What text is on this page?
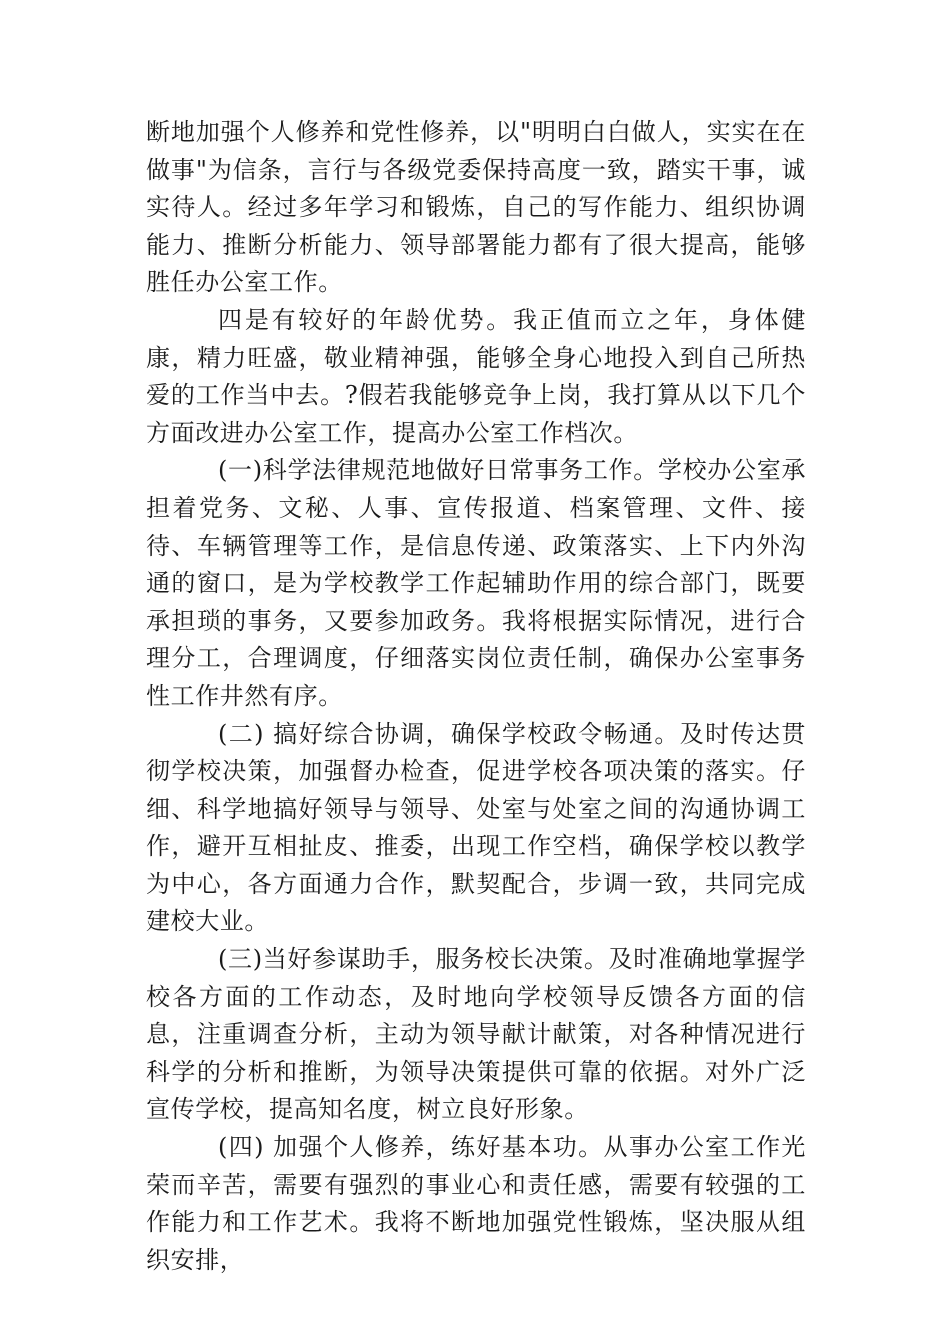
断地加强个人修养和党性修养，以"明明白白做人，实实在在做事"为信条，言行与各级党委保持高度一致，踏实干事，诚实待人。经过多年学习和锻炼，自己的写作能力、组织协调能力、推断分析能力、领导部署能力都有了很大提高，能够胜任办公室工作。

四是有较好的年龄优势。我正值而立之年，身体健康，精力旺盛，敬业精神强，能够全身心地投入到自己所热爱的工作当中去。?假若我能够竞争上岗，我打算从以下几个方面改进办公室工作，提高办公室工作档次。

(一)科学法律规范地做好日常事务工作。学校办公室承担着党务、文秘、人事、宣传报道、档案管理、文件、接待、车辆管理等工作，是信息传递、政策落实、上下内外沟通的窗口，是为学校教学工作起辅助作用的综合部门，既要承担琐的事务，又要参加政务。我将根据实际情况，进行合理分工，合理调度，仔细落实岗位责任制，确保办公室事务性工作井然有序。

(二) 搞好综合协调，确保学校政令畅通。及时传达贯彻学校决策，加强督办检查，促进学校各项决策的落实。仔细、科学地搞好领导与领导、处室与处室之间的沟通协调工作，避开互相扯皮、推委，出现工作空档，确保学校以教学为中心，各方面通力合作，默契配合，步调一致，共同完成建校大业。

(三)当好参谋助手，服务校长决策。及时准确地掌握学校各方面的工作动态，及时地向学校领导反馈各方面的信息，注重调查分析，主动为领导献计献策，对各种情况进行科学的分析和推断，为领导决策提供可靠的依据。对外广泛宣传学校，提高知名度，树立良好形象。

(四) 加强个人修养，练好基本功。从事办公室工作光荣而辛苦，需要有强烈的事业心和责任感，需要有较强的工作能力和工作艺术。我将不断地加强党性锻炼，坚决服从组织安排，
